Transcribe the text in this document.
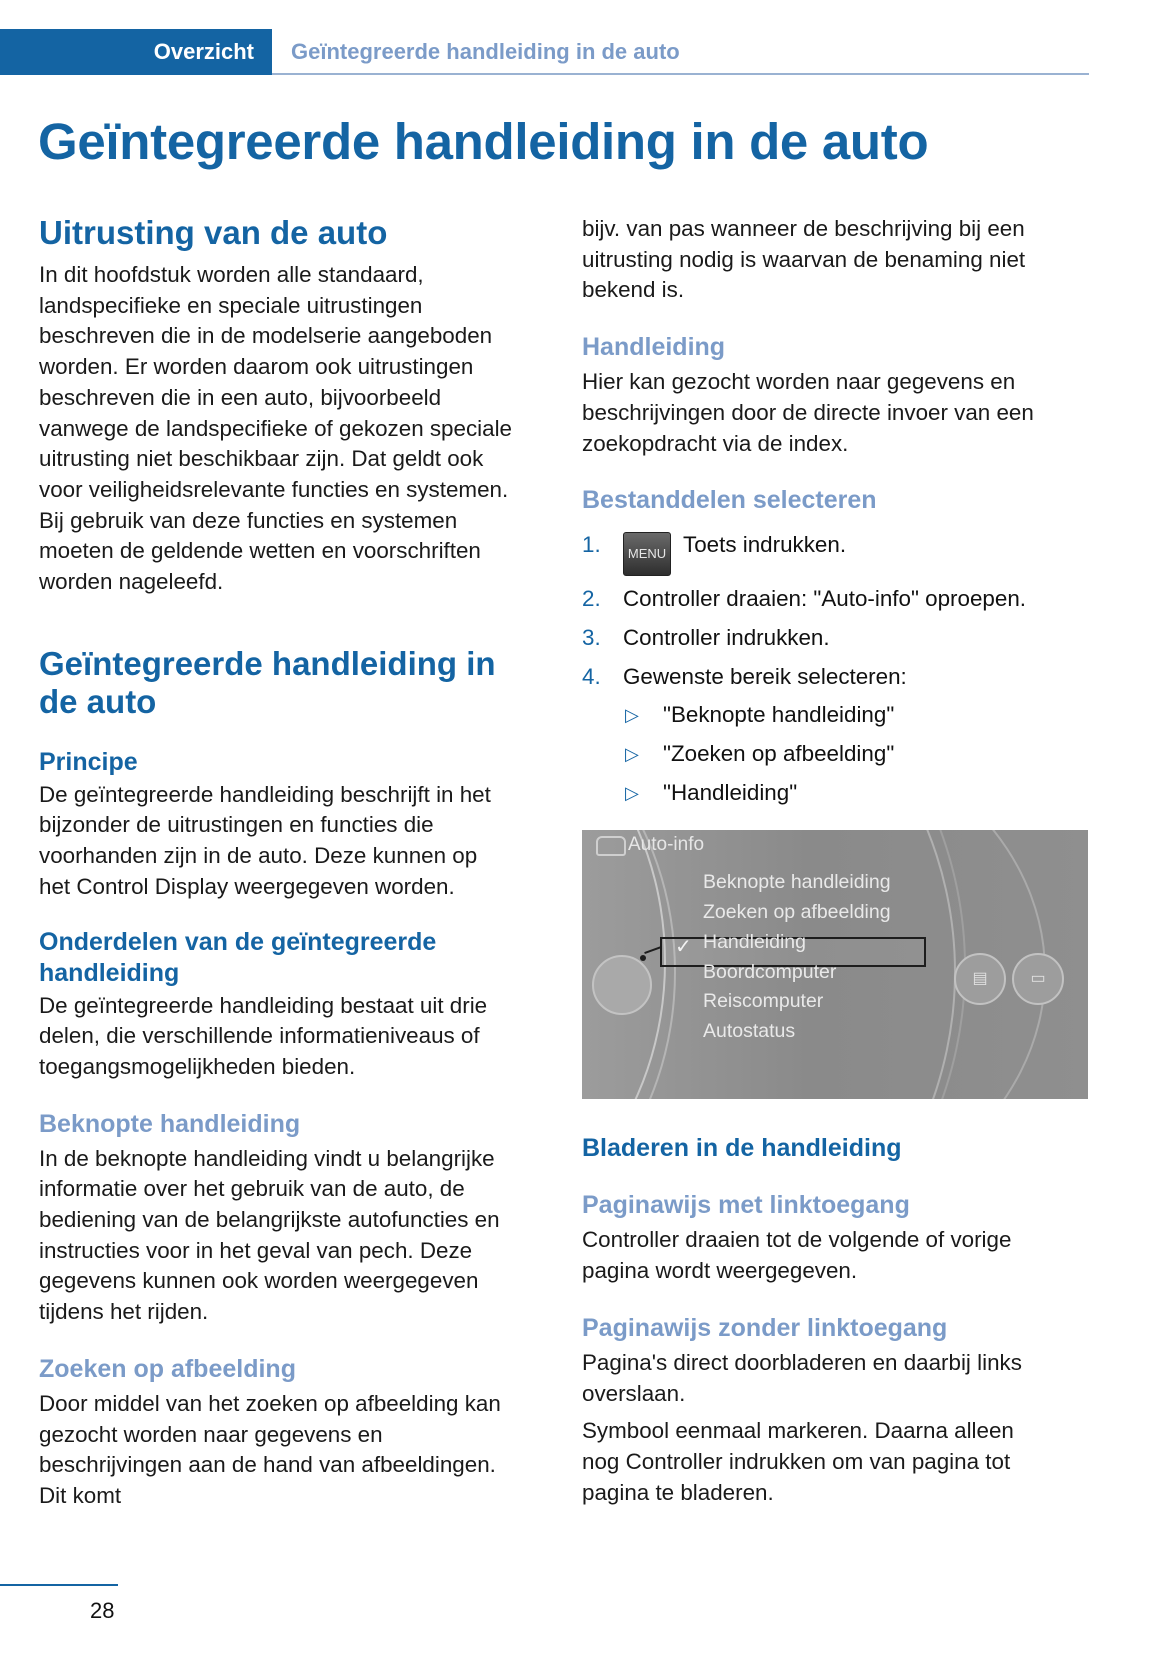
Overzicht	Geïntegreerde handleiding in de auto
Geïntegreerde handleiding in de auto
Uitrusting van de auto

In dit hoofdstuk worden alle standaard, landspecifieke en speciale uitrustingen beschreven die in de modelserie aangeboden worden. Er worden daarom ook uitrustingen beschreven die in een auto, bijvoorbeeld vanwege de landspecifieke of gekozen speciale uitrusting niet beschikbaar zijn. Dat geldt ook voor veiligheidsrelevante functies en systemen. Bij gebruik van deze functies en systemen moeten de geldende wetten en voorschriften worden nageleefd.

Geïntegreerde handleiding in de auto
Principe

De geïntegreerde handleiding beschrijft in het bijzonder de uitrustingen en functies die voorhanden zijn in de auto. Deze kunnen op het Control Display weergegeven worden.

Onderdelen van de geïntegreerde handleiding

De geïntegreerde handleiding bestaat uit drie delen, die verschillende informatieniveaus of toegangsmogelijkheden bieden.

Beknopte handleiding

In de beknopte handleiding vindt u belangrijke informatie over het gebruik van de auto, de bediening van de belangrijkste autofuncties en instructies voor in het geval van pech. Deze gegevens kunnen ook worden weergegeven tijdens het rijden.

Zoeken op afbeelding

Door middel van het zoeken op afbeelding kan gezocht worden naar gegevens en beschrijvingen aan de hand van afbeeldingen. Dit komt

bijv. van pas wanneer de beschrijving bij een uitrusting nodig is waarvan de benaming niet bekend is.

Handleiding

Hier kan gezocht worden naar gegevens en beschrijvingen door de directe invoer van een zoekopdracht via de index.

Bestanddelen selecteren
1. MENU Toets indrukken.
2. Controller draaien: "Auto-info" oproepen.
3. Controller indrukken.
4. Gewenste bereik selecteren:
▷ "Beknopte handleiding"
▷ "Zoeken op afbeelding"
▷ "Handleiding"
Auto-info
✓
Beknopte handleiding
Zoeken op afbeelding
Handleiding
Boordcomputer
Reiscomputer
Autostatus
▤	▭
Bladeren in de handleiding
Paginawijs met linktoegang

Controller draaien tot de volgende of vorige pagina wordt weergegeven.

Paginawijs zonder linktoegang

Pagina's direct doorbladeren en daarbij links overslaan.

Symbool eenmaal markeren. Daarna alleen nog Controller indrukken om van pagina tot pagina te bladeren.

28
